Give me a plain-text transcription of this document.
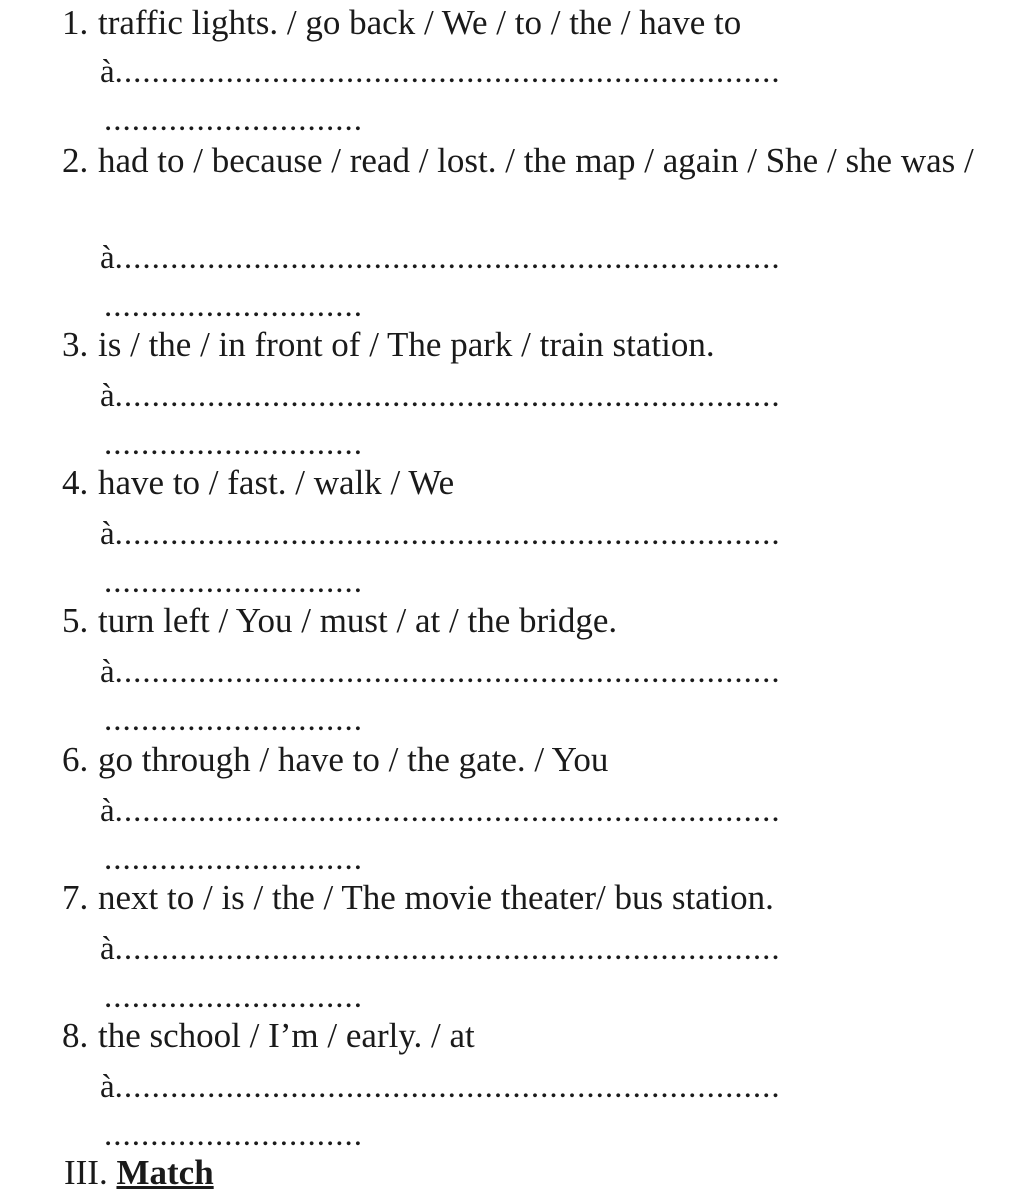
1. traffic lights. / go back / We / to / the / have to
à........................................................................
............................
2. had to / because / read / lost. / the map / again / She / she was /
à........................................................................
............................
3. is / the / in front of / The park / train station.
à........................................................................
............................
4. have to / fast. / walk / We
à........................................................................
............................
5. turn left / You / must / at / the bridge.
à........................................................................
............................
6. go through / have to / the gate. / You
à........................................................................
............................
7. next to / is / the / The movie theater/ bus station.
à........................................................................
............................
8. the school / I’m / early. / at
à........................................................................
............................
III. Match
